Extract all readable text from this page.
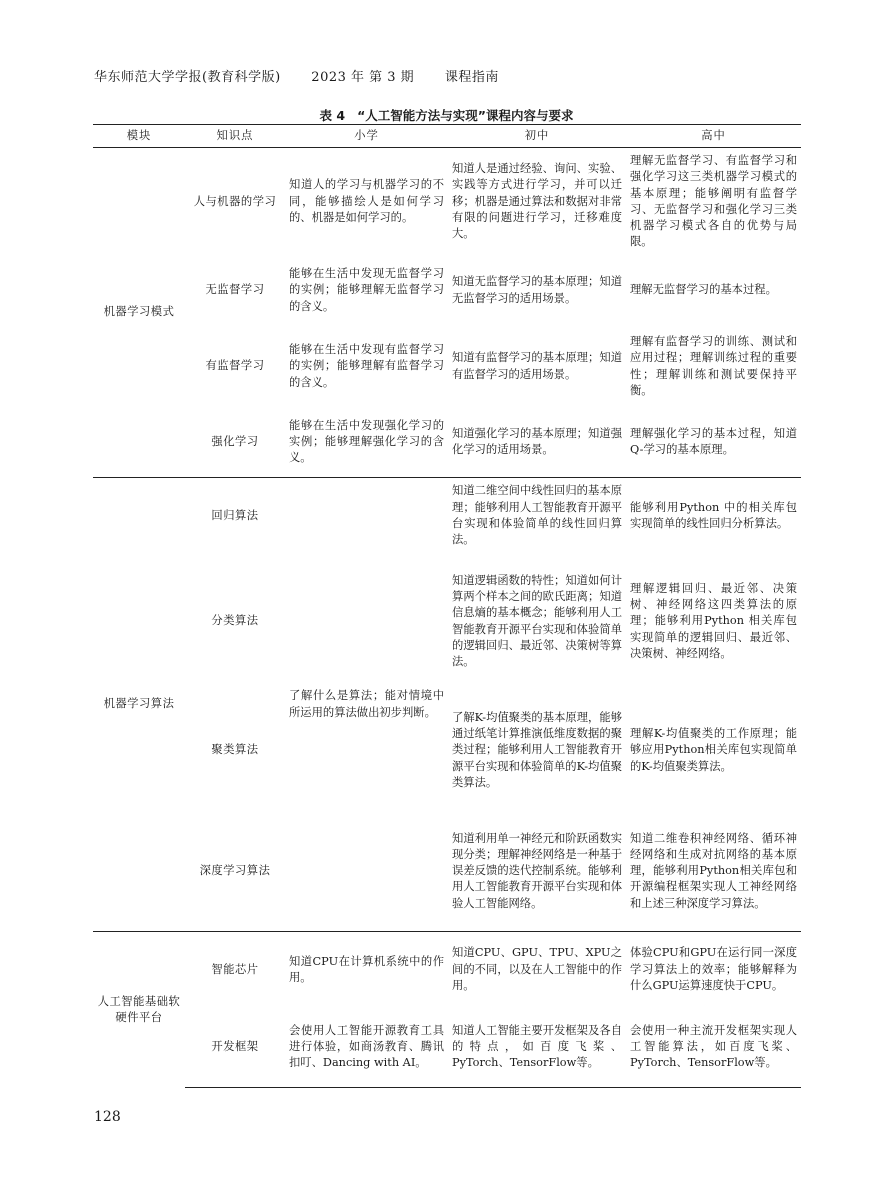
华东师范大学学报(教育科学版) 2023 年 第 3 期 课程指南
表 4 “人工智能方法与实现”课程内容与要求
模块	知识点	小学	初中	高中
机器学习模式	人与机器的学习	知道人的学习与机器学习的不同，能够描绘人是如何学习的、机器是如何学习的。	知道人是通过经验、询问、实验、实践等方式进行学习，并可以迁移；机器是通过算法和数据对非常有限的问题进行学习，迁移难度大。	理解无监督学习、有监督学习和强化学习这三类机器学习模式的基本原理；能够阐明有监督学习、无监督学习和强化学习三类机器学习模式各自的优势与局限。
	无监督学习	能够在生活中发现无监督学习的实例；能够理解无监督学习的含义。	知道无监督学习的基本原理；知道无监督学习的适用场景。	理解无监督学习的基本过程。
	有监督学习	能够在生活中发现有监督学习的实例；能够理解有监督学习的含义。	知道有监督学习的基本原理；知道有监督学习的适用场景。	理解有监督学习的训练、测试和应用过程；理解训练过程的重要性；理解训练和测试要保持平衡。
	强化学习	能够在生活中发现强化学习的实例；能够理解强化学习的含义。	知道强化学习的基本原理；知道强化学习的适用场景。	理解强化学习的基本过程，知道Q-学习的基本原理。
机器学习算法	回归算法	了解什么是算法；能对情境中所运用的算法做出初步判断。	知道二维空间中线性回归的基本原理；能够利用人工智能教育开源平台实现和体验简单的线性回归算法。	能够利用Python 中的相关库包实现简单的线性回归分析算法。
	分类算法		知道逻辑函数的特性；知道如何计算两个样本之间的欧氏距离；知道信息熵的基本概念；能够利用人工智能教育开源平台实现和体验简单的逻辑回归、最近邻、决策树等算法。	理解逻辑回归、最近邻、决策树、神经网络这四类算法的原理；能够利用Python 相关库包实现简单的逻辑回归、最近邻、决策树、神经网络。
	聚类算法		了解K-均值聚类的基本原理，能够通过纸笔计算推演低维度数据的聚类过程；能够利用人工智能教育开源平台实现和体验简单的K-均值聚类算法。	理解K-均值聚类的工作原理；能够应用Python相关库包实现简单的K-均值聚类算法。
	深度学习算法		知道利用单一神经元和阶跃函数实现分类；理解神经网络是一种基于误差反馈的迭代控制系统。能够利用人工智能教育开源平台实现和体验人工智能网络。	知道二维卷积神经网络、循环神经网络和生成对抗网络的基本原理，能够利用Python相关库包和开源编程框架实现人工神经网络和上述三种深度学习算法。
人工智能基础软硬件平台	智能芯片	知道CPU在计算机系统中的作用。	知道CPU、GPU、TPU、XPU之间的不同，以及在人工智能中的作用。	体验CPU和GPU在运行同一深度学习算法上的效率；能够解释为什么GPU运算速度快于CPU。
	开发框架	会使用人工智能开源教育工具进行体验，如商汤教育、腾讯扣叮、Dancing with AI。	知道人工智能主要开发框架及各自的特点，如百度飞桨、PyTorch、TensorFlow等。	会使用一种主流开发框架实现人工智能算法，如百度飞桨、PyTorch、TensorFlow等。
128
